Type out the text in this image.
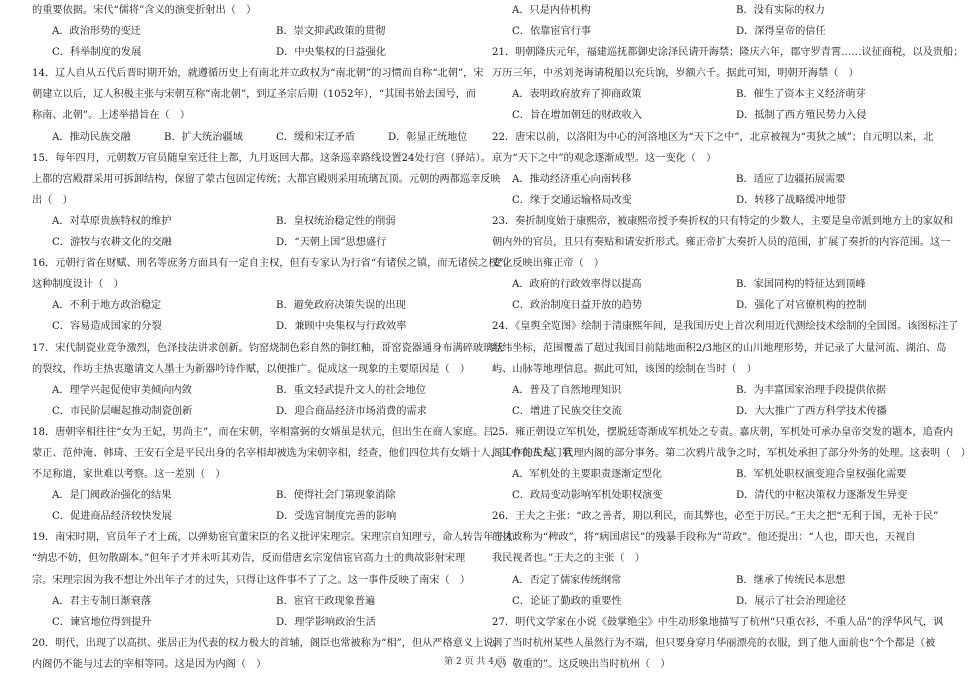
的重要依据。宋代“儒将”含义的演变折射出（　）
A．政治形势的变迁	B．崇文抑武政策的贯彻
C．科举制度的发展	D．中央集权的日益强化
14．辽人自从五代后晋时期开始，就遵循历史上有南北并立政权为“南北朝”的习惯而自称“北朝”，宋
朝建立以后，辽人积极主张与宋朝互称“南北朝”，到辽圣宗后期（1052年），“其国书始去国号，而
称南、北朝”。上述举措旨在（　）
A．推动民族交融	B．扩大统治疆域	C．缓和宋辽矛盾	D．彰显正统地位
15．每年四月，元朝数万官员随皇室迁往上都，九月返回大都。这条巡幸路线设置24处行宫（驿站）。
上都的宫殿群采用可拆卸结构，保留了蒙古包固定传统；大都宫殿则采用琉璃瓦顶。元朝的两都巡幸反映
出（　）
A．对草原贵族特权的维护	B．皇权统治稳定性的削弱
C．游牧与农耕文化的交融	D．“天朝上国”思想盛行
16．元朝行省在财赋、刑名等庶务方面具有一定自主权，但有专家认为行省“有诸侯之镇，而无诸侯之权”。
这种制度设计（　）
A．不利于地方政治稳定	B．避免政府决策失误的出现
C．容易造成国家的分裂	D．兼顾中央集权与行政效率
17．宋代制瓷业竞争激烈，色泽技法讲求创新。钧窑烧制色彩自然的铜红釉，哥窑瓷器通身布满碎玻璃状
的裂纹，作坊主热衷邀请文人墨士为新器吟诗作赋，以便推广。促成这一现象的主要原因是（　）
A．理学兴起促使审美倾向内敛	B．重文轻武提升文人的社会地位
C．市民阶层崛起推动制瓷创新	D．迎合商品经济市场消费的需求
18．唐朝宰相往往“女为王妃，男尚主”，而在宋朝，宰相富弼的女婿虽是状元，但出生在商人家庭。吕
蒙正、范仲淹、韩琦、王安石全是平民出身的名宰相却被选为宋朝宰相，经查，他们四位共有女婿十人，其中有五人门第
不足称道，家世难以考察。这一差别（　）
A．是门阀政治强化的结果	B．使得社会门第现象消除
C．促进商品经济较快发展	D．受选官制度完善的影响
19．南宋时期，官员年子才上疏，以弹劾宦官董宋臣的名义批评宋理宗。宋理宗自知理亏，命人转告年子才：
“纳忠不妨，但勿散副本。”但年子才并未听其劝告，反而借唐玄宗宠信宦官高力士的典故影射宋理
宗。宋理宗因为我不想让外出年子才的过失，只得让这件事不了了之。这一事件反映了南宋（　）
A．君主专制日渐衰落	B．宦官干政现象普遍
C．谏官地位得到提升	D．理学影响政治生活
20．明代，出现了以高拱、张居正为代表的权力极大的首辅，阁臣也常被称为“相”，但从严格意义上说，
内阁仍不能与过去的宰相等同。这是因为内阁（　）
A．只是内侍机构	B．没有实际的权力
C．依靠宦官行事	D．深得皇帝的信任
21．明朝隆庆元年，福建巡抚都御史涂泽民请开海禁；隆庆六年，郡守罗青霄……议征商税，以及贵船；
万历三年，中丞刘尧诲请税船以充兵饷，岁额六千。据此可知，明朝开海禁（　）
A．表明政府放弃了抑商政策	B．催生了资本主义经济萌芽
C．旨在增加朝廷的财政收入	D．抵制了西方殖民势力入侵
22．唐宋以前，以洛阳为中心的河洛地区为“天下之中”，北京被视为“夷狄之域”；自元明以来，北
京为“天下之中”的观念逐渐成型。这一变化（　）
A．推动经济重心向南转移	B．适应了边疆拓展需要
C．缘于交通运输格局改变	D．转移了战略缓冲地带
23．奏折制度始于康熙帝，被康熙帝授予奏折权的只有特定的少数人，主要是皇帝派到地方上的家奴和
朝内外的官员，且只有奏贴和请安折形式。雍正帝扩大奏折人员的范围，扩展了奏折的内容范围。这一
变化反映出雍正帝（　）
A．政府的行政效率得以提高	B．家国同构的特征达到顶峰
C．政治制度日益开放的趋势	D．强化了对官僚机构的控制
24．《皇舆全览图》绘制于清康熙年间，是我国历史上首次利用近代测绘技术绘制的全国图。该图标注了
经纬坐标，范围覆盖了超过我国目前陆地面积2/3地区的山川地理形势，并记录了大量河流、湖泊、岛
屿、山脉等地理信息。据此可知，该图的绘制在当时（　）
A．普及了自然地理知识	B．为丰富国家治理手段提供依据
C．增进了民族交往交流	D．大大推广了西方科学技术传播
25．雍正朝设立军机处，摆脱廷寄渐成军机处之专责。嘉庆朝，军机处可承办皇帝交发的题本，追查内
阁工作的失误，代理内阁的部分事务。第二次鸦片战争之时，军机处承担了部分外务的处理。这表明（　）
A．军机处的主要职责逐渐定型化	B．军机处职权演变迎合皇权强化需要
C．政局变动影响军机处职权演变	D．清代的中枢决策权力逐渐发生异变
26．王夫之主张：“政之善者，期以利民，而其弊也，必至于厉民。”王夫之把“无利于国，无补于民”
的执政称为“稗政”，将“病国虐民”的残暴手段称为“苛政”。他还提出：“人也，即天也，天视自
我民视者也。”王夫之的主张（　）
A．否定了儒家传统纲常	B．继承了传统民本思想
C．论证了勤政的重要性	D．展示了社会治理途径
27．明代文学家在小说《鼓掌绝尘》中生动形象地描写了杭州“只重衣衫，不重人品”的浮华风气，讽
刺了当时杭州某些人虽然行为不端，但只要身穿月华丽漂亮的衣服，到了他人面前也“个个都是（被
人）敬重的”。这反映出当时杭州（　）
第 2 页 共 4 页
